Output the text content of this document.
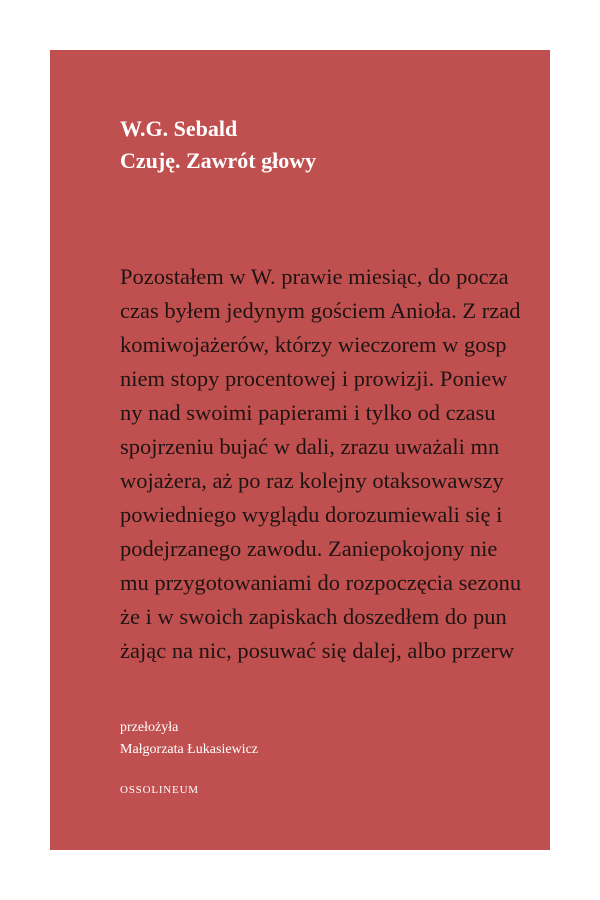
W.G. Sebald
Czuję. Zawrót głowy
Pozostałem w W. prawie miesiąc, do pocza
czas byłem jedynym gościem Anioła. Z rzad
komiwojażerów, którzy wieczorem w gosp
niem stopy procentowej i prowizji. Poniew
ny nad swoimi papierami i tylko od czasu
spojrzeniu bujać w dali, zrazu uważali mn
wojażera, aż po raz kolejny otaksowawszy
powiedniego wyglądu dorozumiewali się i
podejrzanego zawodu. Zaniepokojony nie
mu przygotowaniami do rozpoczęcia sezonu
że i w swoich zapiskach doszedłem do pun
żając na nic, posuwać się dalej, albo przerw
przełożyła
Małgorzata Łukasiewicz
OSSOLINEUM
